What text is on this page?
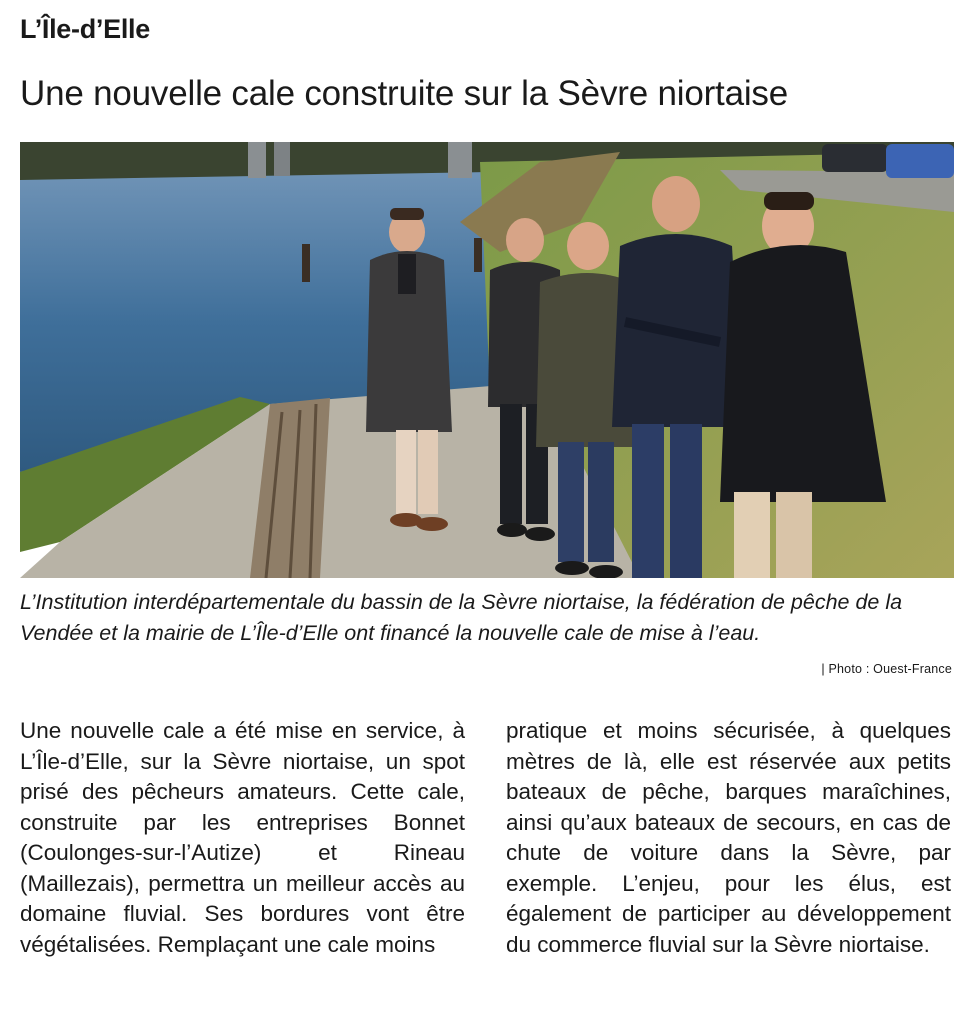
L’Île-d’Elle
Une nouvelle cale construite sur la Sèvre niortaise
L’Institution interdépartementale du bassin de la Sèvre niortaise, la fédération de pêche de la Vendée et la mairie de L’Île-d’Elle ont financé la nouvelle cale de mise à l’eau.
| Photo : Ouest-France
Une nouvelle cale a été mise en service, à L’Île-d’Elle, sur la Sèvre niortaise, un spot prisé des pêcheurs amateurs. Cette cale, construite par les entreprises Bonnet (Coulonges-sur-l’Autize) et Rineau (Maillezais), permettra un meilleur accès au domaine fluvial. Ses bordures vont être végétalisées. Remplaçant une cale moins
pratique et moins sécurisée, à quelques mètres de là, elle est réservée aux petits bateaux de pêche, barques maraîchines, ainsi qu’aux bateaux de secours, en cas de chute de voiture dans la Sèvre, par exemple. L’enjeu, pour les élus, est également de participer au développement du commerce fluvial sur la Sèvre niortaise.
